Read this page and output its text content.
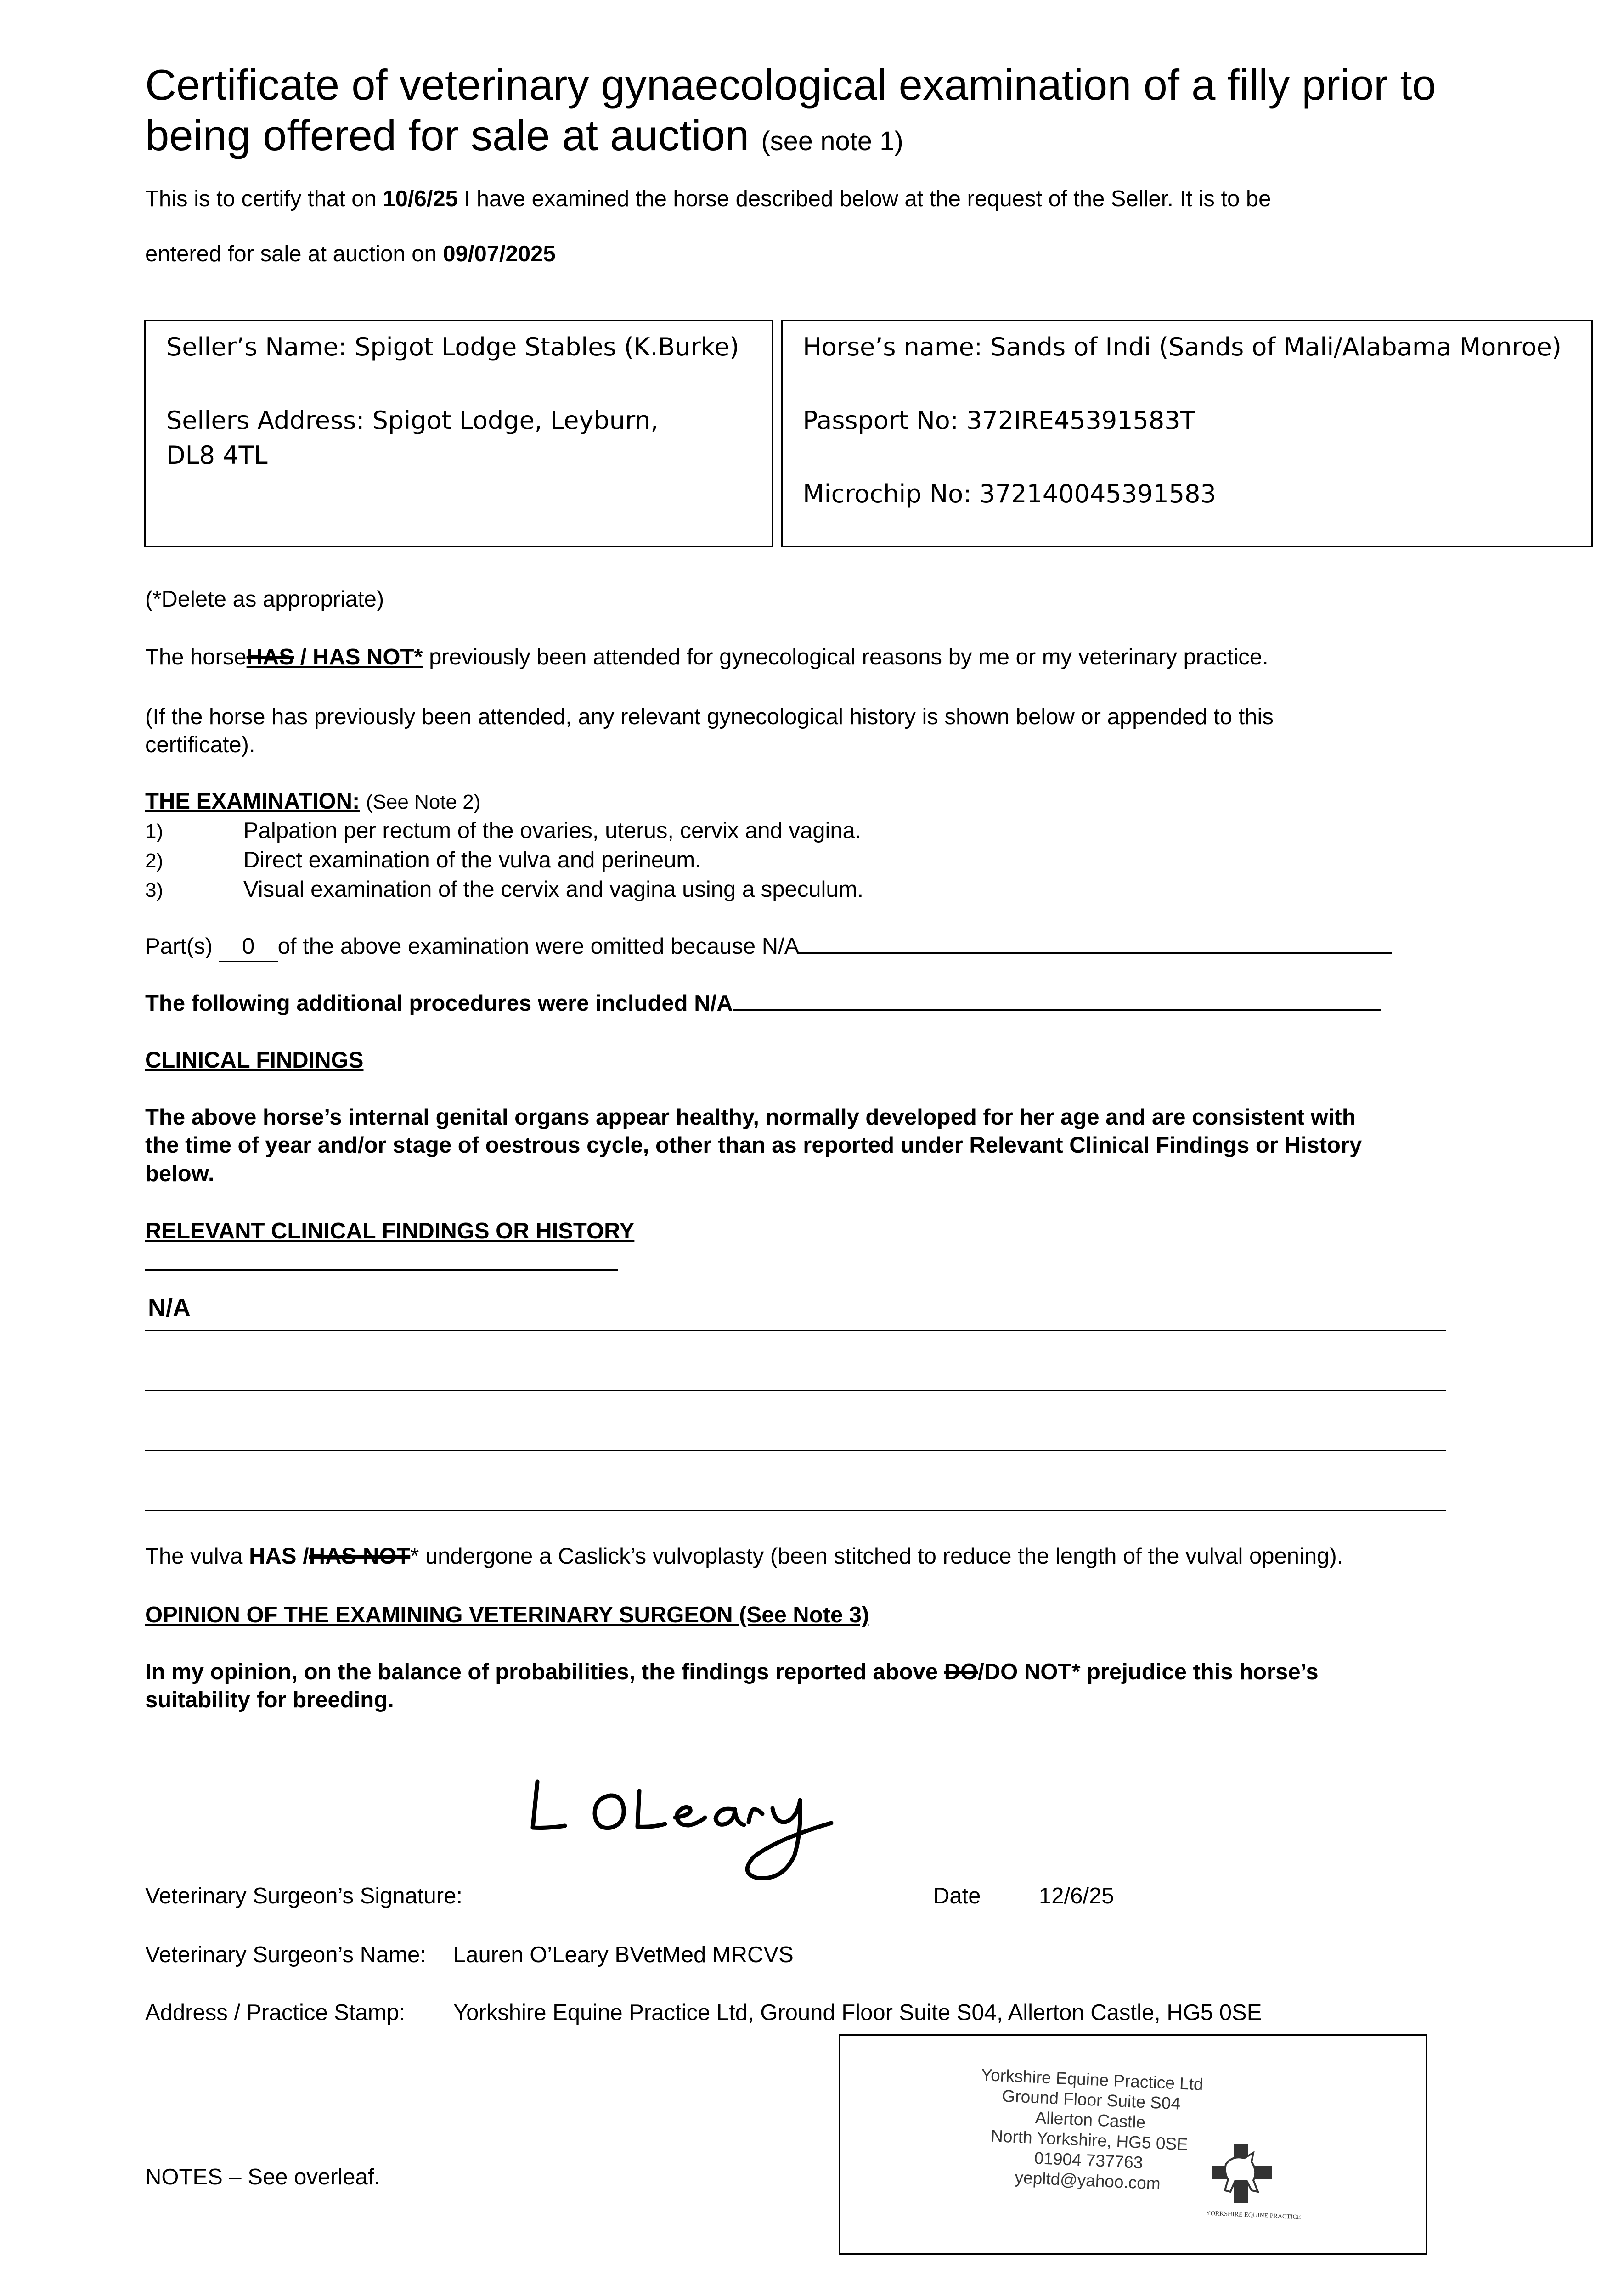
Certificate of veterinary gynaecological examination of a filly prior to
being offered for sale at auction (see note 1)
This is to certify that on 10/6/25 I have examined the horse described below at the request of the Seller. It is to be
entered for sale at auction on 09/07/2025
Seller’s Name: Spigot Lodge Stables (K.Burke)
Sellers Address: Spigot Lodge, Leyburn,
DL8 4TL
Horse’s name: Sands of Indi (Sands of Mali/Alabama Monroe)
Passport No: 372IRE45391583T
Microchip No: 372140045391583
(*Delete as appropriate)
The horseHAS / HAS NOT* previously been attended for gynecological reasons by me or my veterinary practice.
(If the horse has previously been attended, any relevant gynecological history is shown below or appended to this
certificate).
THE EXAMINATION: (See Note 2)
1)	Palpation per rectum of the ovaries, uterus, cervix and vagina.
2)	Direct examination of the vulva and perineum.
3)	Visual examination of the cervix and vagina using a speculum.
Part(s) 0 of the above examination were omitted because N/A
The following additional procedures were included N/A
CLINICAL FINDINGS
The above horse’s internal genital organs appear healthy, normally developed for her age and are consistent with
the time of year and/or stage of oestrous cycle, other than as reported under Relevant Clinical Findings or History
below.
RELEVANT CLINICAL FINDINGS OR HISTORY
N/A
The vulva HAS /HAS NOT* undergone a Caslick’s vulvoplasty (been stitched to reduce the length of the vulval opening).
OPINION OF THE EXAMINING VETERINARY SURGEON (See Note 3)
In my opinion, on the balance of probabilities, the findings reported above DO/DO NOT* prejudice this horse’s
suitability for breeding.
Veterinary Surgeon’s Signature:	Date	12/6/25
Veterinary Surgeon’s Name: Lauren O’Leary BVetMed MRCVS
Address / Practice Stamp: Yorkshire Equine Practice Ltd, Ground Floor Suite S04, Allerton Castle, HG5 0SE
Yorkshire Equine Practice Ltd
Ground Floor Suite S04
Allerton Castle
North Yorkshire, HG5 0SE
01904 737763
yepltd@yahoo.com
YORKSHIRE EQUINE PRACTICE
NOTES – See overleaf.
